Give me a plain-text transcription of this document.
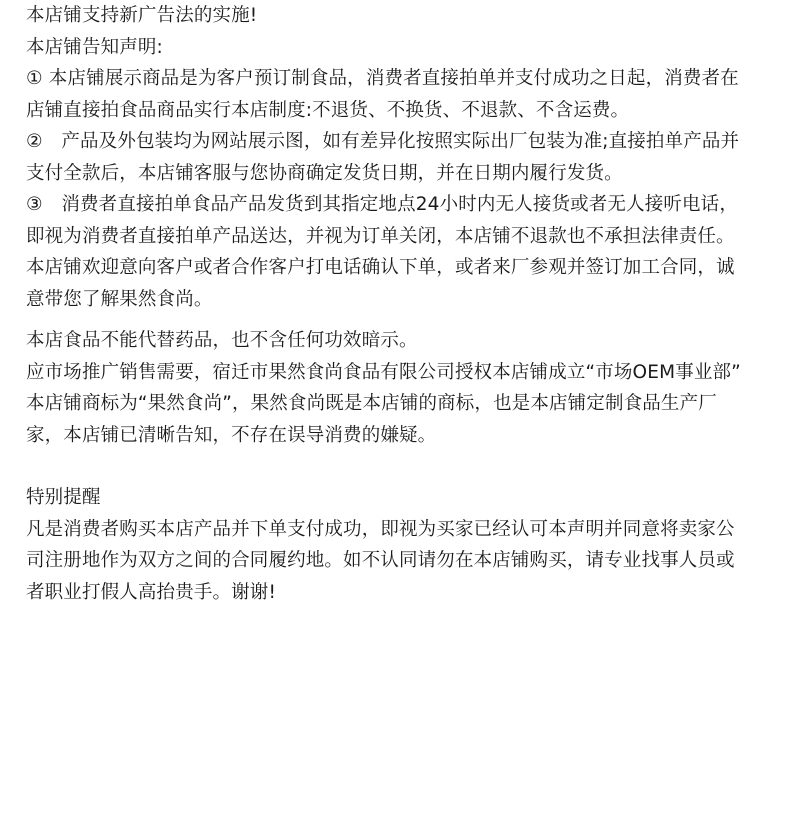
本店铺支持新广告法的实施!
本店铺告知声明:
① 本店铺展示商品是为客户预订制食品，消费者直接拍单并支付成功之日起，消费者在
店铺直接拍食品商品实行本店制度:不退货、不换货、不退款、不含运费。
②　产品及外包装均为网站展示图，如有差异化按照实际出厂包装为准;直接拍单产品并
支付全款后，本店铺客服与您协商确定发货日期，并在日期内履行发货。
③　消费者直接拍单食品产品发货到其指定地点24小时内无人接货或者无人接听电话，
即视为消费者直接拍单产品送达，并视为订单关闭，本店铺不退款也不承担法律责任。
本店铺欢迎意向客户或者合作客户打电话确认下单，或者来厂参观并签订加工合同，诚
意带您了解果然食尚。
本店食品不能代替药品，也不含任何功效暗示。
应市场推广销售需要，宿迁市果然食尚食品有限公司授权本店铺成立“市场OEM事业部”
本店铺商标为“果然食尚”，果然食尚既是本店铺的商标，也是本店铺定制食品生产厂
家，本店铺已清晰告知，不存在误导消费的嫌疑。
特别提醒
凡是消费者购买本店产品并下单支付成功，即视为买家已经认可本声明并同意将卖家公
司注册地作为双方之间的合同履约地。如不认同请勿在本店铺购买，请专业找事人员或
者职业打假人高抬贵手。谢谢!
